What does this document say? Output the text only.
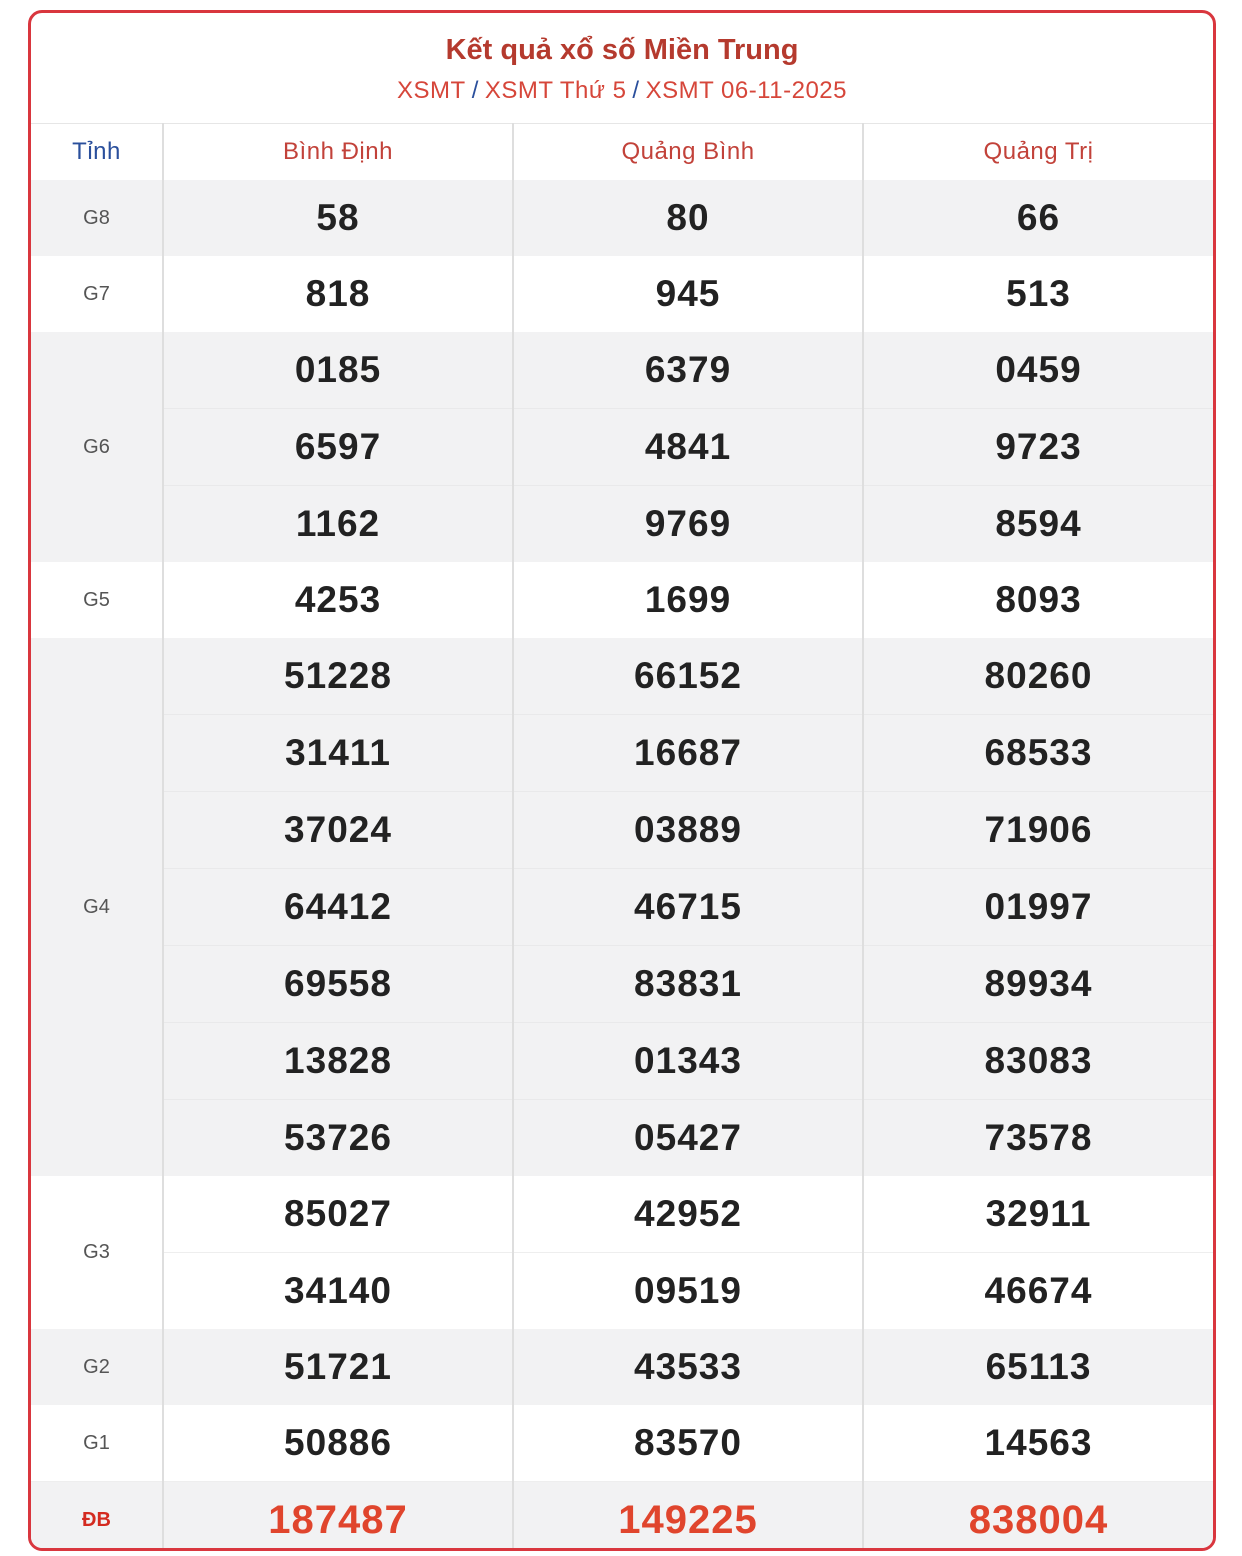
Kết quả xổ số Miền Trung
XSMT / XSMT Thứ 5 / XSMT 06-11-2025
Tỉnh	Bình Định	Quảng Bình	Quảng Trị
G8	58	80	66
G7	818	945	513
G6	0185	6379	0459
	6597	4841	9723
	1162	9769	8594
G5	4253	1699	8093
G4	51228	66152	80260
	31411	16687	68533
	37024	03889	71906
	64412	46715	01997
	69558	83831	89934
	13828	01343	83083
	53726	05427	73578
G3	85027	42952	32911
	34140	09519	46674
G2	51721	43533	65113
G1	50886	83570	14563
ĐB	187487	149225	838004
